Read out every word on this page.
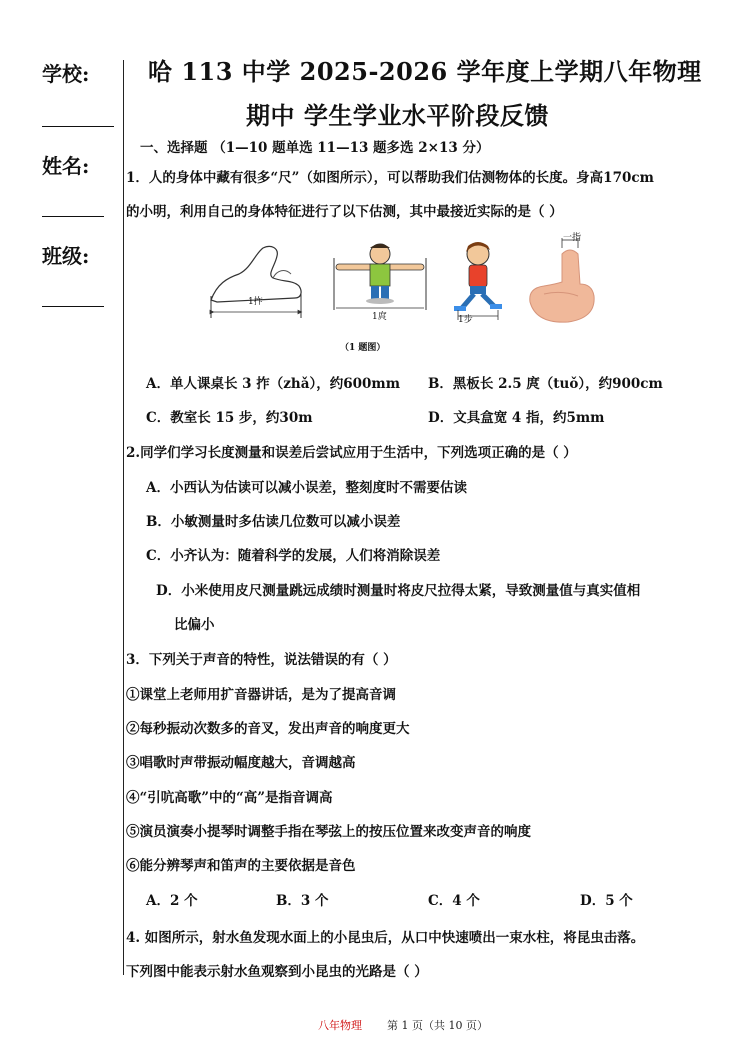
学校:
姓名:
班级:
哈 113 中学 2025-2026 学年度上学期八年物理
期中 学生学业水平阶段反馈
一、选择题 （1—10 题单选 11—13 题多选 2×13 分）
1．人的身体中藏有很多“尺”（如图所示），可以帮助我们估测物体的长度。身高170cm
的小明，利用自己的身体特征进行了以下估测，其中最接近实际的是（ ）
1拃
1庹	1步
一指
（1 题图）
A．单人课桌长 3 拃（zhǎ），约600mm B．黑板长 2.5 庹（tuǒ），约900cm
C．教室长 15 步，约30m	D．文具盒宽 4 指，约5mm
2.同学们学习长度测量和误差后尝试应用于生活中，下列选项正确的是（ ）
A．小西认为估读可以减小误差，整刻度时不需要估读
B．小敏测量时多估读几位数可以减小误差
C．小齐认为：随着科学的发展，人们将消除误差
D．小米使用皮尺测量跳远成绩时测量时将皮尺拉得太紧，导致测量值与真实值相
比偏小
3．下列关于声音的特性，说法错误的有（ ）
①课堂上老师用扩音器讲话，是为了提高音调
②每秒振动次数多的音叉，发出声音的响度更大
③唱歌时声带振动幅度越大，音调越高
④“引吭高歌”中的“高”是指音调高
⑤演员演奏小提琴时调整手指在琴弦上的按压位置来改变声音的响度
⑥能分辨琴声和笛声的主要依据是音色
A．2 个	B．3 个	C．4 个	D．5 个
4. 如图所示，射水鱼发现水面上的小昆虫后，从口中快速喷出一束水柱，将昆虫击落。
下列图中能表示射水鱼观察到小昆虫的光路是（ ）
八年物理 第 1 页（共 10 页）
